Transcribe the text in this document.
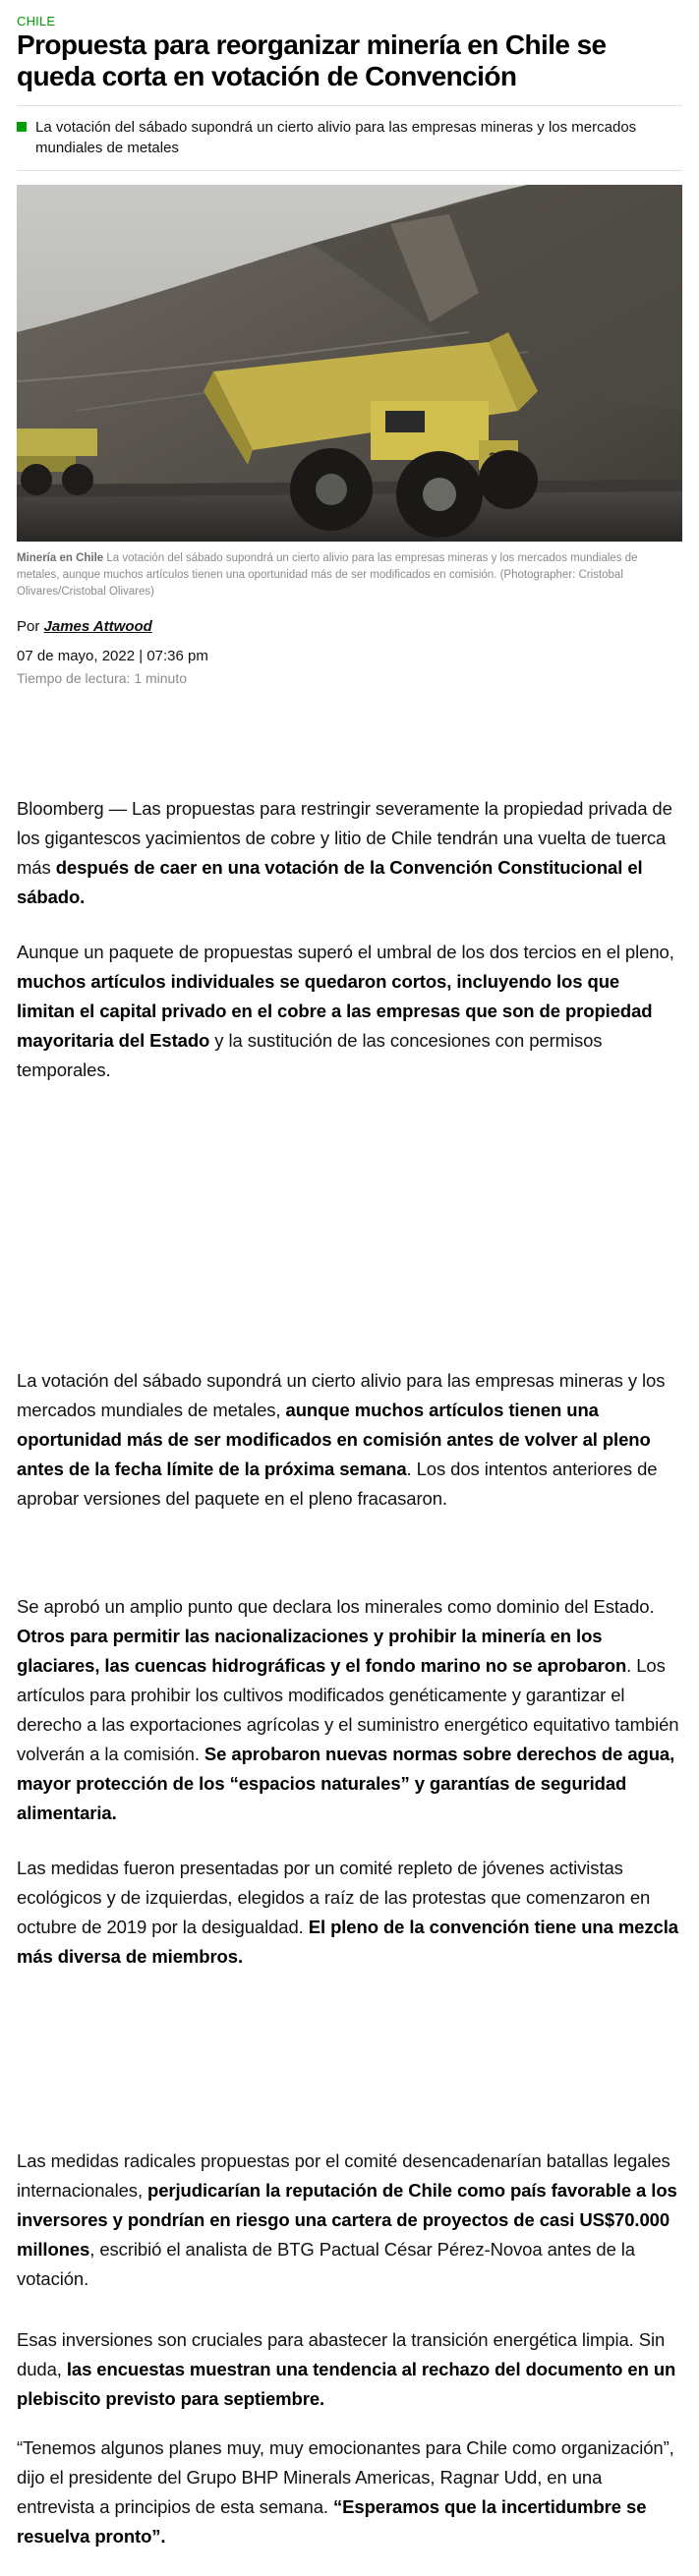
CHILE
Propuesta para reorganizar minería en Chile se queda corta en votación de Convención
La votación del sábado supondrá un cierto alivio para las empresas mineras y los mercados mundiales de metales
Minería en Chile La votación del sábado supondrá un cierto alivio para las empresas mineras y los mercados mundiales de metales, aunque muchos artículos tienen una oportunidad más de ser modificados en comisión. (Photographer: Cristobal Olivares/Cristobal Olivares)
Por James Attwood
07 de mayo, 2022 | 07:36 pm
Tiempo de lectura: 1 minuto

Bloomberg — Las propuestas para restringir severamente la propiedad privada de los gigantescos yacimientos de cobre y litio de Chile tendrán una vuelta de tuerca más después de caer en una votación de la Convención Constitucional el sábado.

Aunque un paquete de propuestas superó el umbral de los dos tercios en el pleno, muchos artículos individuales se quedaron cortos, incluyendo los que limitan el capital privado en el cobre a las empresas que son de propiedad mayoritaria del Estado y la sustitución de las concesiones con permisos temporales.

La votación del sábado supondrá un cierto alivio para las empresas mineras y los mercados mundiales de metales, aunque muchos artículos tienen una oportunidad más de ser modificados en comisión antes de volver al pleno antes de la fecha límite de la próxima semana. Los dos intentos anteriores de aprobar versiones del paquete en el pleno fracasaron.

Se aprobó un amplio punto que declara los minerales como dominio del Estado. Otros para permitir las nacionalizaciones y prohibir la minería en los glaciares, las cuencas hidrográficas y el fondo marino no se aprobaron. Los artículos para prohibir los cultivos modificados genéticamente y garantizar el derecho a las exportaciones agrícolas y el suministro energético equitativo también volverán a la comisión. Se aprobaron nuevas normas sobre derechos de agua, mayor protección de los “espacios naturales” y garantías de seguridad alimentaria.

Las medidas fueron presentadas por un comité repleto de jóvenes activistas ecológicos y de izquierdas, elegidos a raíz de las protestas que comenzaron en octubre de 2019 por la desigualdad. El pleno de la convención tiene una mezcla más diversa de miembros.

Las medidas radicales propuestas por el comité desencadenarían batallas legales internacionales, perjudicarían la reputación de Chile como país favorable a los inversores y pondrían en riesgo una cartera de proyectos de casi US$70.000 millones, escribió el analista de BTG Pactual César Pérez-Novoa antes de la votación.

Esas inversiones son cruciales para abastecer la transición energética limpia. Sin duda, las encuestas muestran una tendencia al rechazo del documento en un plebiscito previsto para septiembre.

“Tenemos algunos planes muy, muy emocionantes para Chile como organización”, dijo el presidente del Grupo BHP Minerals Americas, Ragnar Udd, en una entrevista a principios de esta semana. “Esperamos que la incertidumbre se resuelva pronto”.
